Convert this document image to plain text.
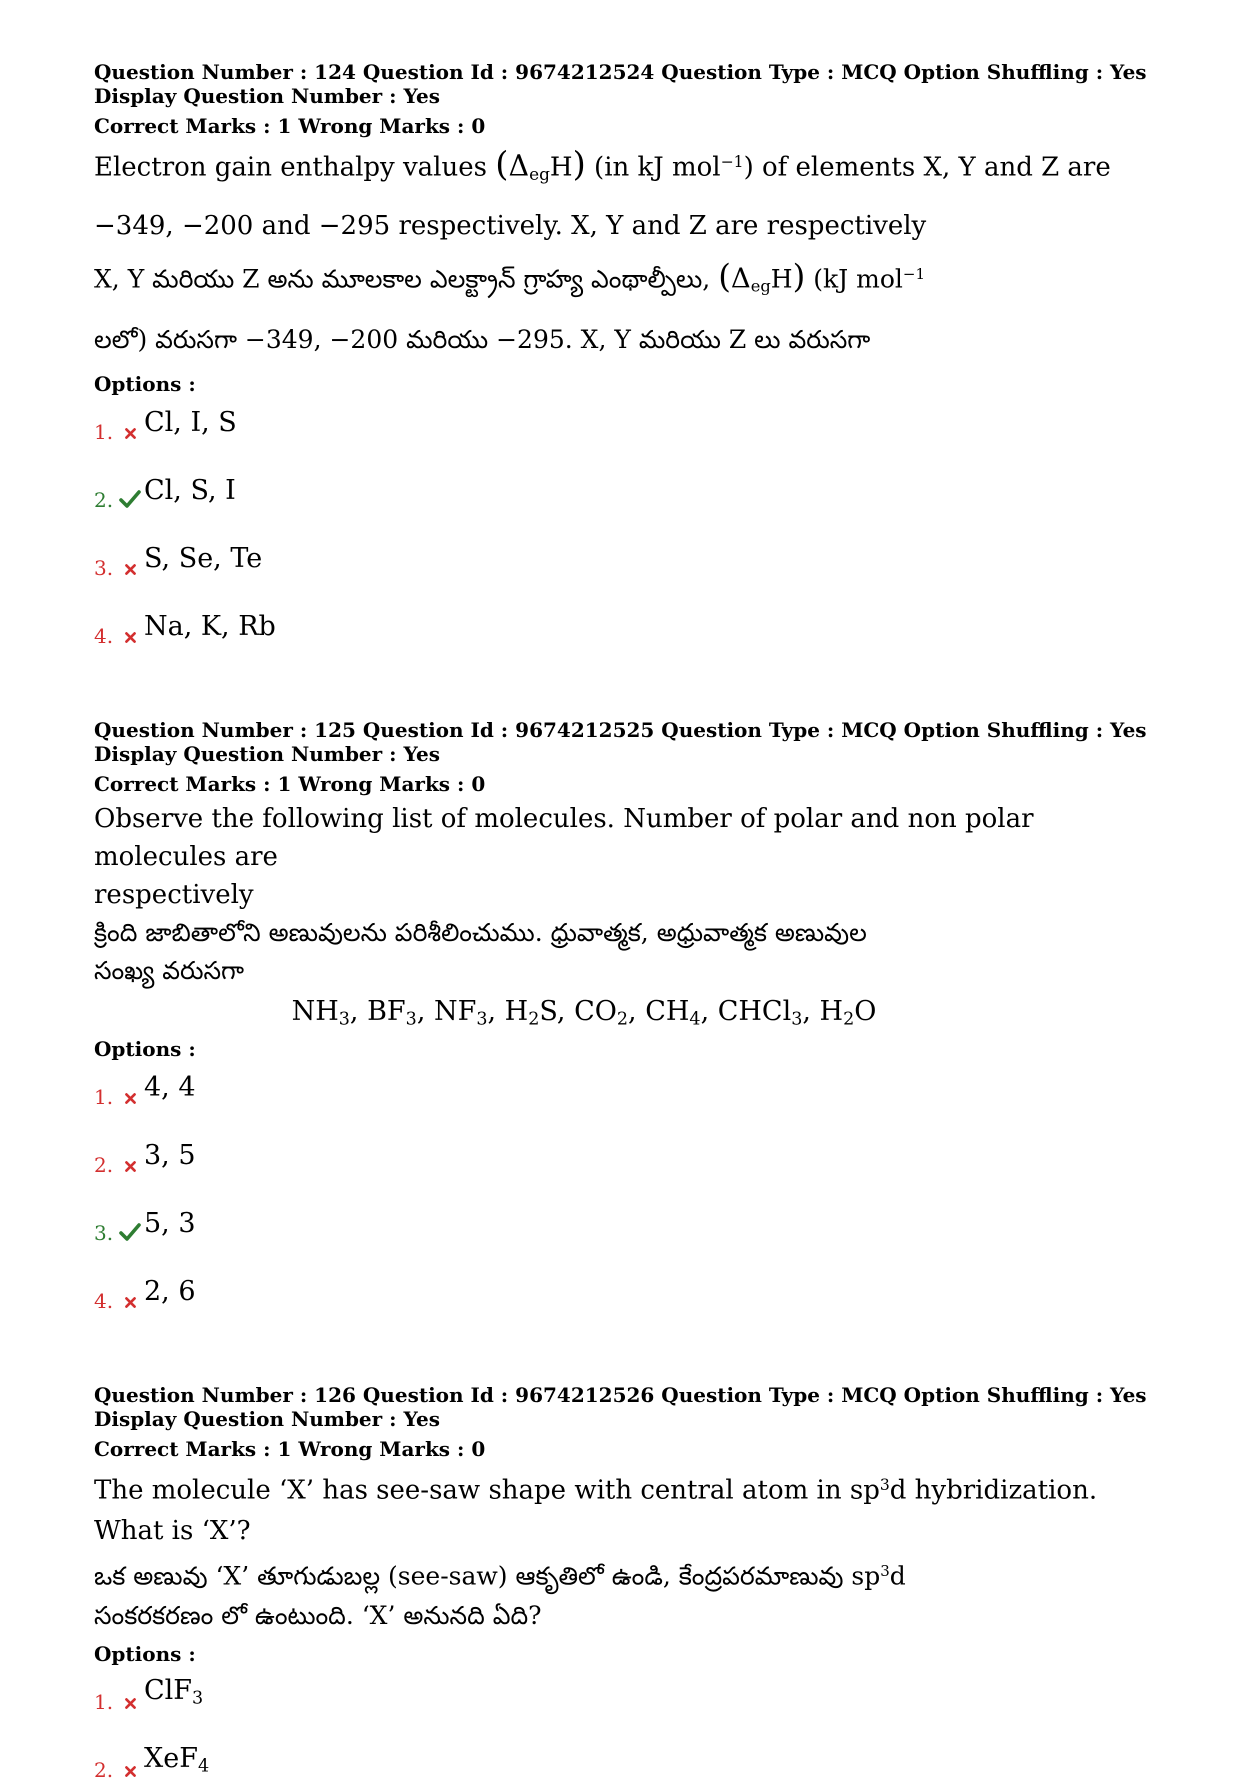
Question Number : 124 Question Id : 9674212524 Question Type : MCQ Option Shuffling : Yes Display Question Number : Yes
Correct Marks : 1 Wrong Marks : 0
Electron gain enthalpy values $(\Delta_{eg}H)$ (in kJ mol$^{-1}$) of elements X, Y and Z are
−349, −200 and −295 respectively. X, Y and Z are respectively
X, Y మరియు Z అను మూలకాల ఎలక్ట్రాన్ గ్రాహ్య ఎంథాల్పీలు, $(\Delta_{eg}H)$ (kJ mol$^{-1}$
లలో) వరుసగా −349, −200 మరియు −295. X, Y మరియు Z లు వరుసగా
Options :
1. Cl, I, S
2. Cl, S, I
3. S, Se, Te
4. Na, K, Rb
Question Number : 125 Question Id : 9674212525 Question Type : MCQ Option Shuffling : Yes Display Question Number : Yes
Correct Marks : 1 Wrong Marks : 0
Observe the following list of molecules. Number of polar and non polar molecules are
respectively
క్రింది జాబితాలోని అణువులను పరిశీలించుము. ధ్రువాత్మక, అధ్రువాత్మక అణువుల
సంఖ్య వరుసగా
$NH_3$, $BF_3$, $NF_3$, $H_2S$, $CO_2$, $CH_4$, CHCl$_3$, $H_2O$
Options :
1. 4, 4
2. 3, 5
3. 5, 3
4. 2, 6
Question Number : 126 Question Id : 9674212526 Question Type : MCQ Option Shuffling : Yes Display Question Number : Yes
Correct Marks : 1 Wrong Marks : 0
The molecule ‘X’ has see-saw shape with central atom in $sp^3d$ hybridization. What is ‘X’?
ఒక అణువు ‘X’ తూగుడుబల్ల (see-saw) ఆకృతిలో ఉండి, కేంద్రపరమాణువు $sp^3d$
సంకరకరణం లో ఉంటుంది. ‘X’ అనునది ఏది?
Options :
1. ClF$_3$
2. XeF$_4$
